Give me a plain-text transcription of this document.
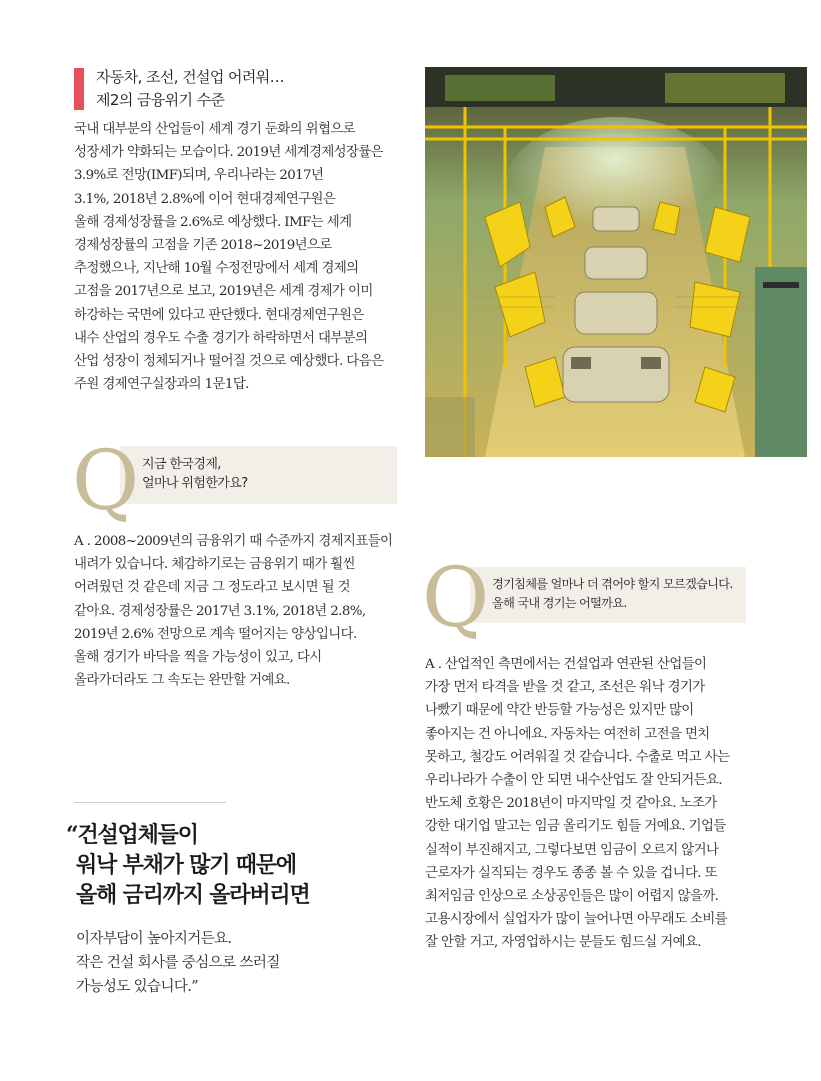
자동차, 조선, 건설업 어려워…
제2의 금융위기 수준

국내 대부분의 산업들이 세계 경기 둔화의 위협으로

성장세가 약화되는 모습이다. 2019년 세계경제성장률은

3.9%로 전망(IMF)되며, 우리나라는 2017년

3.1%, 2018년 2.8%에 이어 현대경제연구원은

올해 경제성장률을 2.6%로 예상했다. IMF는 세계

경제성장률의 고점을 기존 2018~2019년으로

추정했으나, 지난해 10월 수정전망에서 세계 경제의

고점을 2017년으로 보고, 2019년은 세계 경제가 이미

하강하는 국면에 있다고 판단했다. 현대경제연구원은

내수 산업의 경우도 수출 경기가 하락하면서 대부분의

산업 성장이 정체되거나 떨어질 것으로 예상했다. 다음은

주원 경제연구실장과의 1문1답.

Q 지금 한국경제,

얼마나 위험한가요?

A . 2008~2009년의 금융위기 때 수준까지 경제지표들이

내려가 있습니다. 체감하기로는 금융위기 때가 훨씬

어려웠던 것 같은데 지금 그 정도라고 보시면 될 것

같아요. 경제성장률은 2017년 3.1%, 2018년 2.8%,

2019년 2.6% 전망으로 계속 떨어지는 양상입니다.

올해 경기가 바닥을 찍을 가능성이 있고, 다시

올라가더라도 그 속도는 완만할 거예요.

Q 경기침체를 얼마나 더 겪어야 할지 모르겠습니다.

올해 국내 경기는 어떨까요.

A . 산업적인 측면에서는 건설업과 연관된 산업들이

가장 먼저 타격을 받을 것 같고, 조선은 워낙 경기가

나빴기 때문에 약간 반등할 가능성은 있지만 많이

좋아지는 건 아니에요. 자동차는 여전히 고전을 면치

못하고, 철강도 어려워질 것 같습니다. 수출로 먹고 사는

우리나라가 수출이 안 되면 내수산업도 잘 안되거든요.

반도체 호황은 2018년이 마지막일 것 같아요. 노조가

강한 대기업 말고는 임금 올리기도 힘들 거예요. 기업들

실적이 부진해지고, 그렇다보면 임금이 오르지 않거나

근로자가 실직되는 경우도 종종 볼 수 있을 겁니다. 또

최저임금 인상으로 소상공인들은 많이 어렵지 않을까.

고용시장에서 실업자가 많이 늘어나면 아무래도 소비를

잘 안할 거고, 자영업하시는 분들도 힘드실 거예요.

“건설업체들이

워낙 부채가 많기 때문에

올해 금리까지 올라버리면

이자부담이 높아지거든요.

작은 건설 회사를 중심으로 쓰러질

가능성도 있습니다.”
